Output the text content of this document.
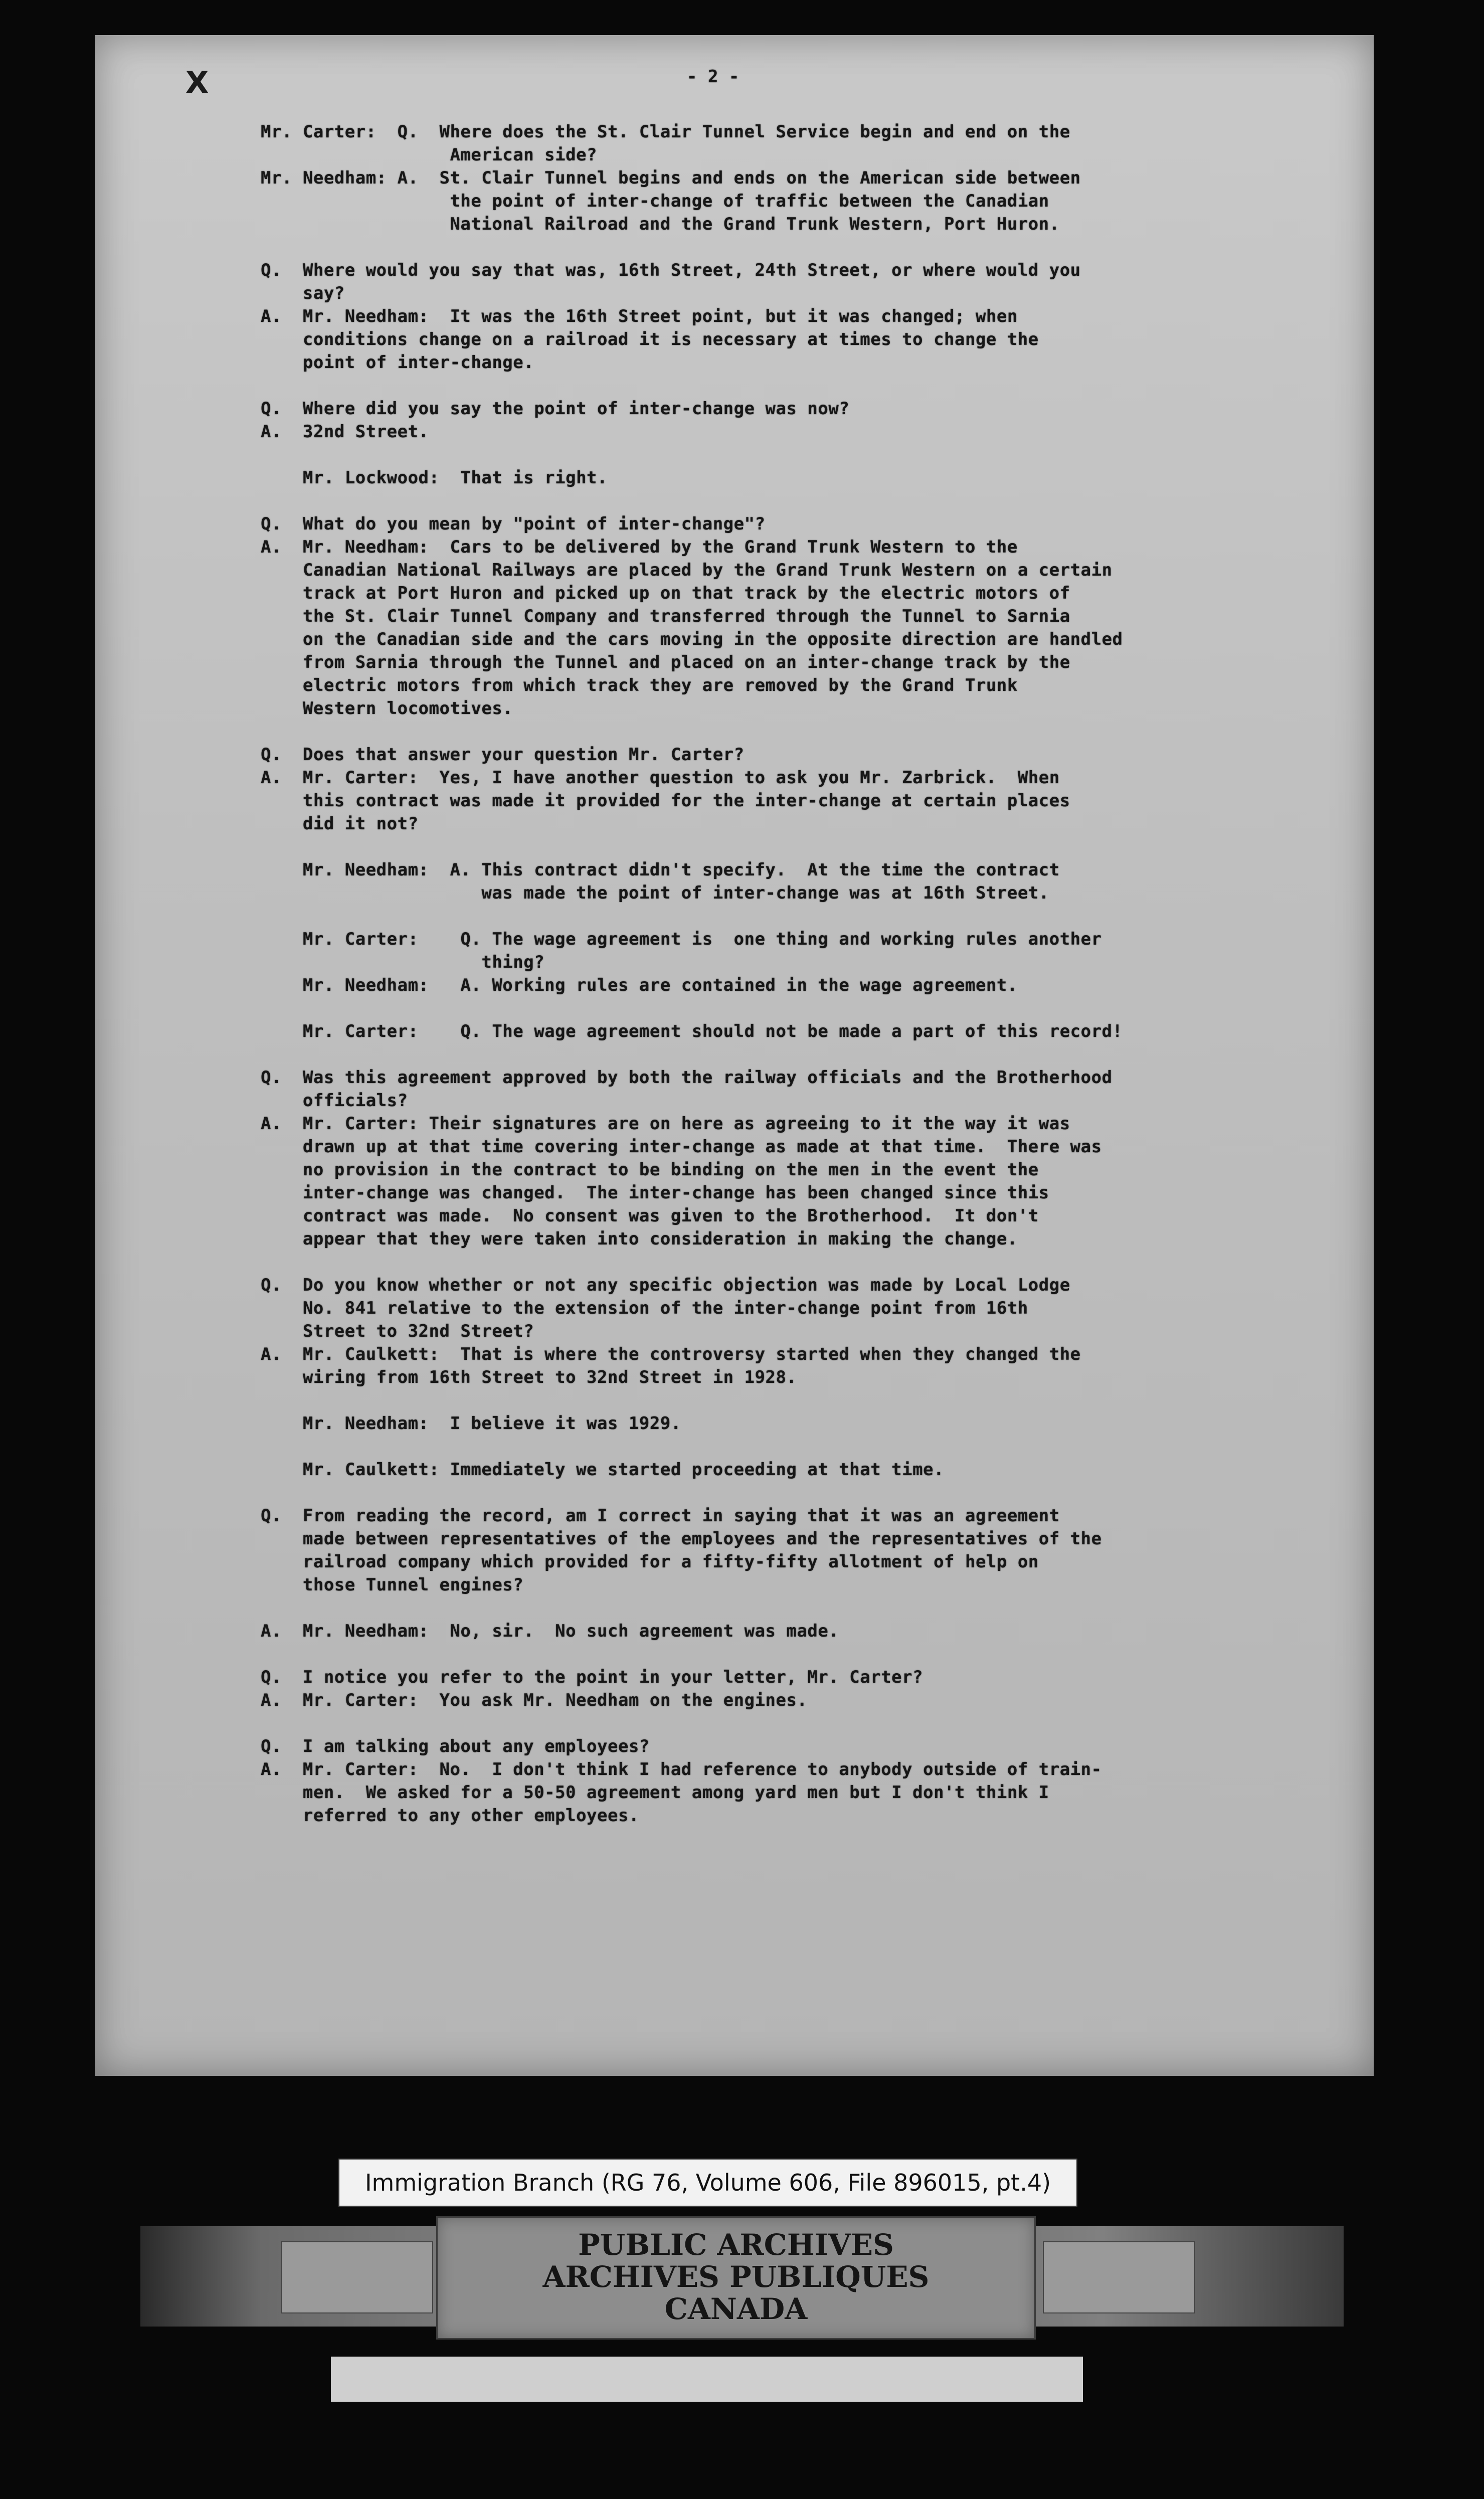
X	- 2 -
Mr. Carter:  Q.  Where does the St. Clair Tunnel Service begin and end on the
American side?
Mr. Needham: A.  St. Clair Tunnel begins and ends on the American side between
the point of inter-change of traffic between the Canadian
National Railroad and the Grand Trunk Western, Port Huron.
Q.  Where would you say that was, 16th Street, 24th Street, or where would you
say?
A.  Mr. Needham:  It was the 16th Street point, but it was changed; when
conditions change on a railroad it is necessary at times to change the
point of inter-change.
Q.  Where did you say the point of inter-change was now?
A.  32nd Street.
Mr. Lockwood:  That is right.
Q.  What do you mean by "point of inter-change"?
A.  Mr. Needham:  Cars to be delivered by the Grand Trunk Western to the
Canadian National Railways are placed by the Grand Trunk Western on a certain
track at Port Huron and picked up on that track by the electric motors of
the St. Clair Tunnel Company and transferred through the Tunnel to Sarnia
on the Canadian side and the cars moving in the opposite direction are handled
from Sarnia through the Tunnel and placed on an inter-change track by the
electric motors from which track they are removed by the Grand Trunk
Western locomotives.
Q.  Does that answer your question Mr. Carter?
A.  Mr. Carter:  Yes, I have another question to ask you Mr. Zarbrick.  When
this contract was made it provided for the inter-change at certain places
did it not?
Mr. Needham:  A. This contract didn't specify.  At the time the contract
was made the point of inter-change was at 16th Street.
Mr. Carter:    Q. The wage agreement is  one thing and working rules another
thing?
Mr. Needham:   A. Working rules are contained in the wage agreement.
Mr. Carter:    Q. The wage agreement should not be made a part of this record!
Q.  Was this agreement approved by both the railway officials and the Brotherhood
officials?
A.  Mr. Carter: Their signatures are on here as agreeing to it the way it was
drawn up at that time covering inter-change as made at that time.  There was
no provision in the contract to be binding on the men in the event the
inter-change was changed.  The inter-change has been changed since this
contract was made.  No consent was given to the Brotherhood.  It don't
appear that they were taken into consideration in making the change.
Q.  Do you know whether or not any specific objection was made by Local Lodge
No. 841 relative to the extension of the inter-change point from 16th
Street to 32nd Street?
A.  Mr. Caulkett:  That is where the controversy started when they changed the
wiring from 16th Street to 32nd Street in 1928.
Mr. Needham:  I believe it was 1929.
Mr. Caulkett: Immediately we started proceeding at that time.
Q.  From reading the record, am I correct in saying that it was an agreement
made between representatives of the employees and the representatives of the
railroad company which provided for a fifty-fifty allotment of help on
those Tunnel engines?
A.  Mr. Needham:  No, sir.  No such agreement was made.
Q.  I notice you refer to the point in your letter, Mr. Carter?
A.  Mr. Carter:  You ask Mr. Needham on the engines.
Q.  I am talking about any employees?
A.  Mr. Carter:  No.  I don't think I had reference to anybody outside of train-
men.  We asked for a 50-50 agreement among yard men but I don't think I
referred to any other employees.
Immigration Branch (RG 76, Volume 606, File 896015, pt.4)
PUBLIC ARCHIVES
ARCHIVES PUBLIQUES
CANADA
